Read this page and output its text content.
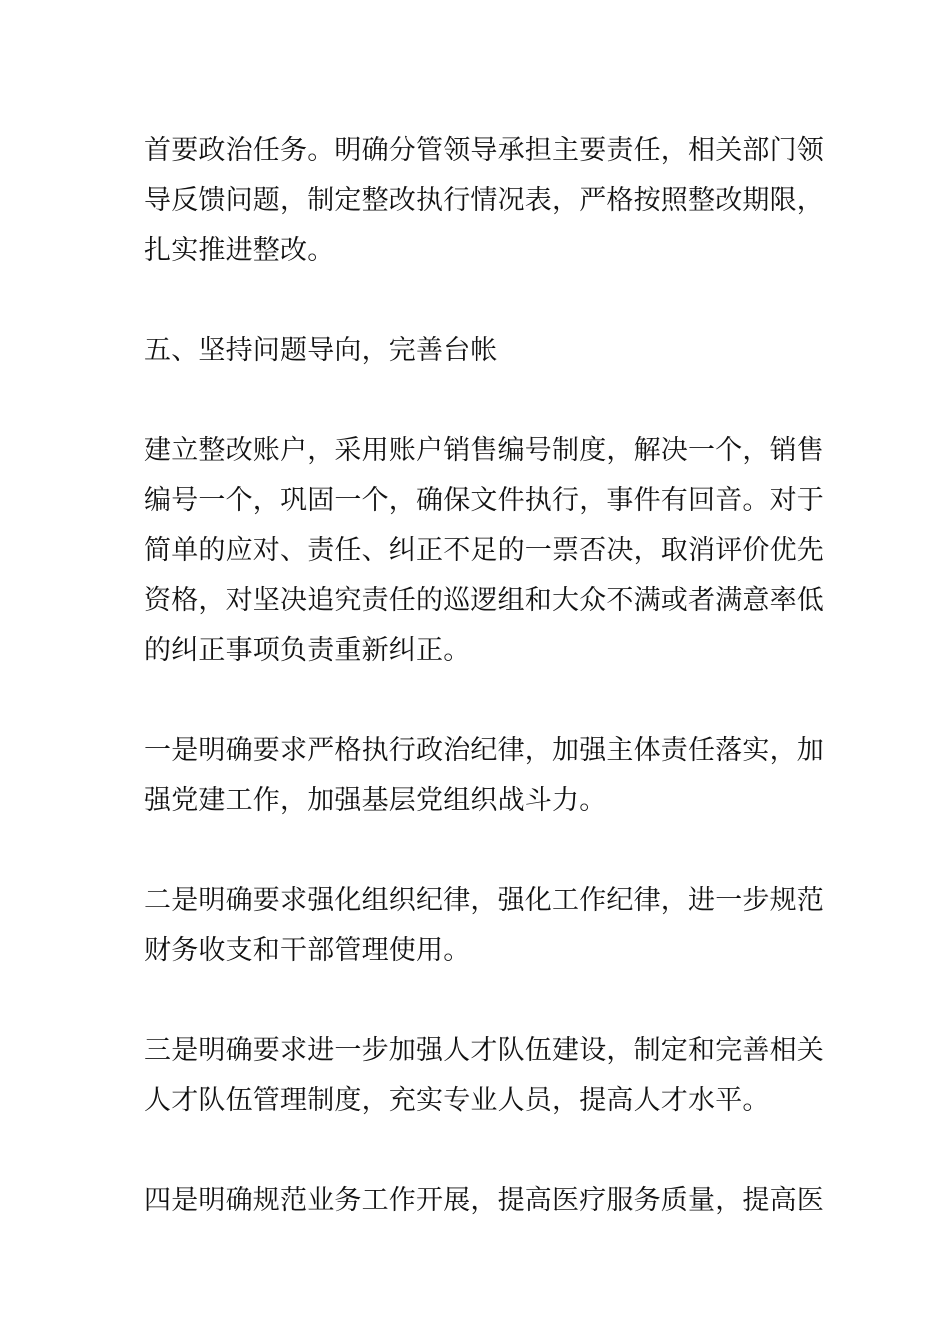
首要政治任务。明确分管领导承担主要责任，相关部门领
导反馈问题，制定整改执行情况表，严格按照整改期限，
扎实推进整改。
五、坚持问题导向，完善台帐
建立整改账户，采用账户销售编号制度，解决一个，销售
编号一个，巩固一个，确保文件执行，事件有回音。对于
简单的应对、责任、纠正不足的一票否决，取消评价优先
资格，对坚决追究责任的巡逻组和大众不满或者满意率低
的纠正事项负责重新纠正。
一是明确要求严格执行政治纪律，加强主体责任落实，加
强党建工作，加强基层党组织战斗力。
二是明确要求强化组织纪律，强化工作纪律，进一步规范
财务收支和干部管理使用。
三是明确要求进一步加强人才队伍建设，制定和完善相关
人才队伍管理制度，充实专业人员，提高人才水平。
四是明确规范业务工作开展，提高医疗服务质量，提高医
